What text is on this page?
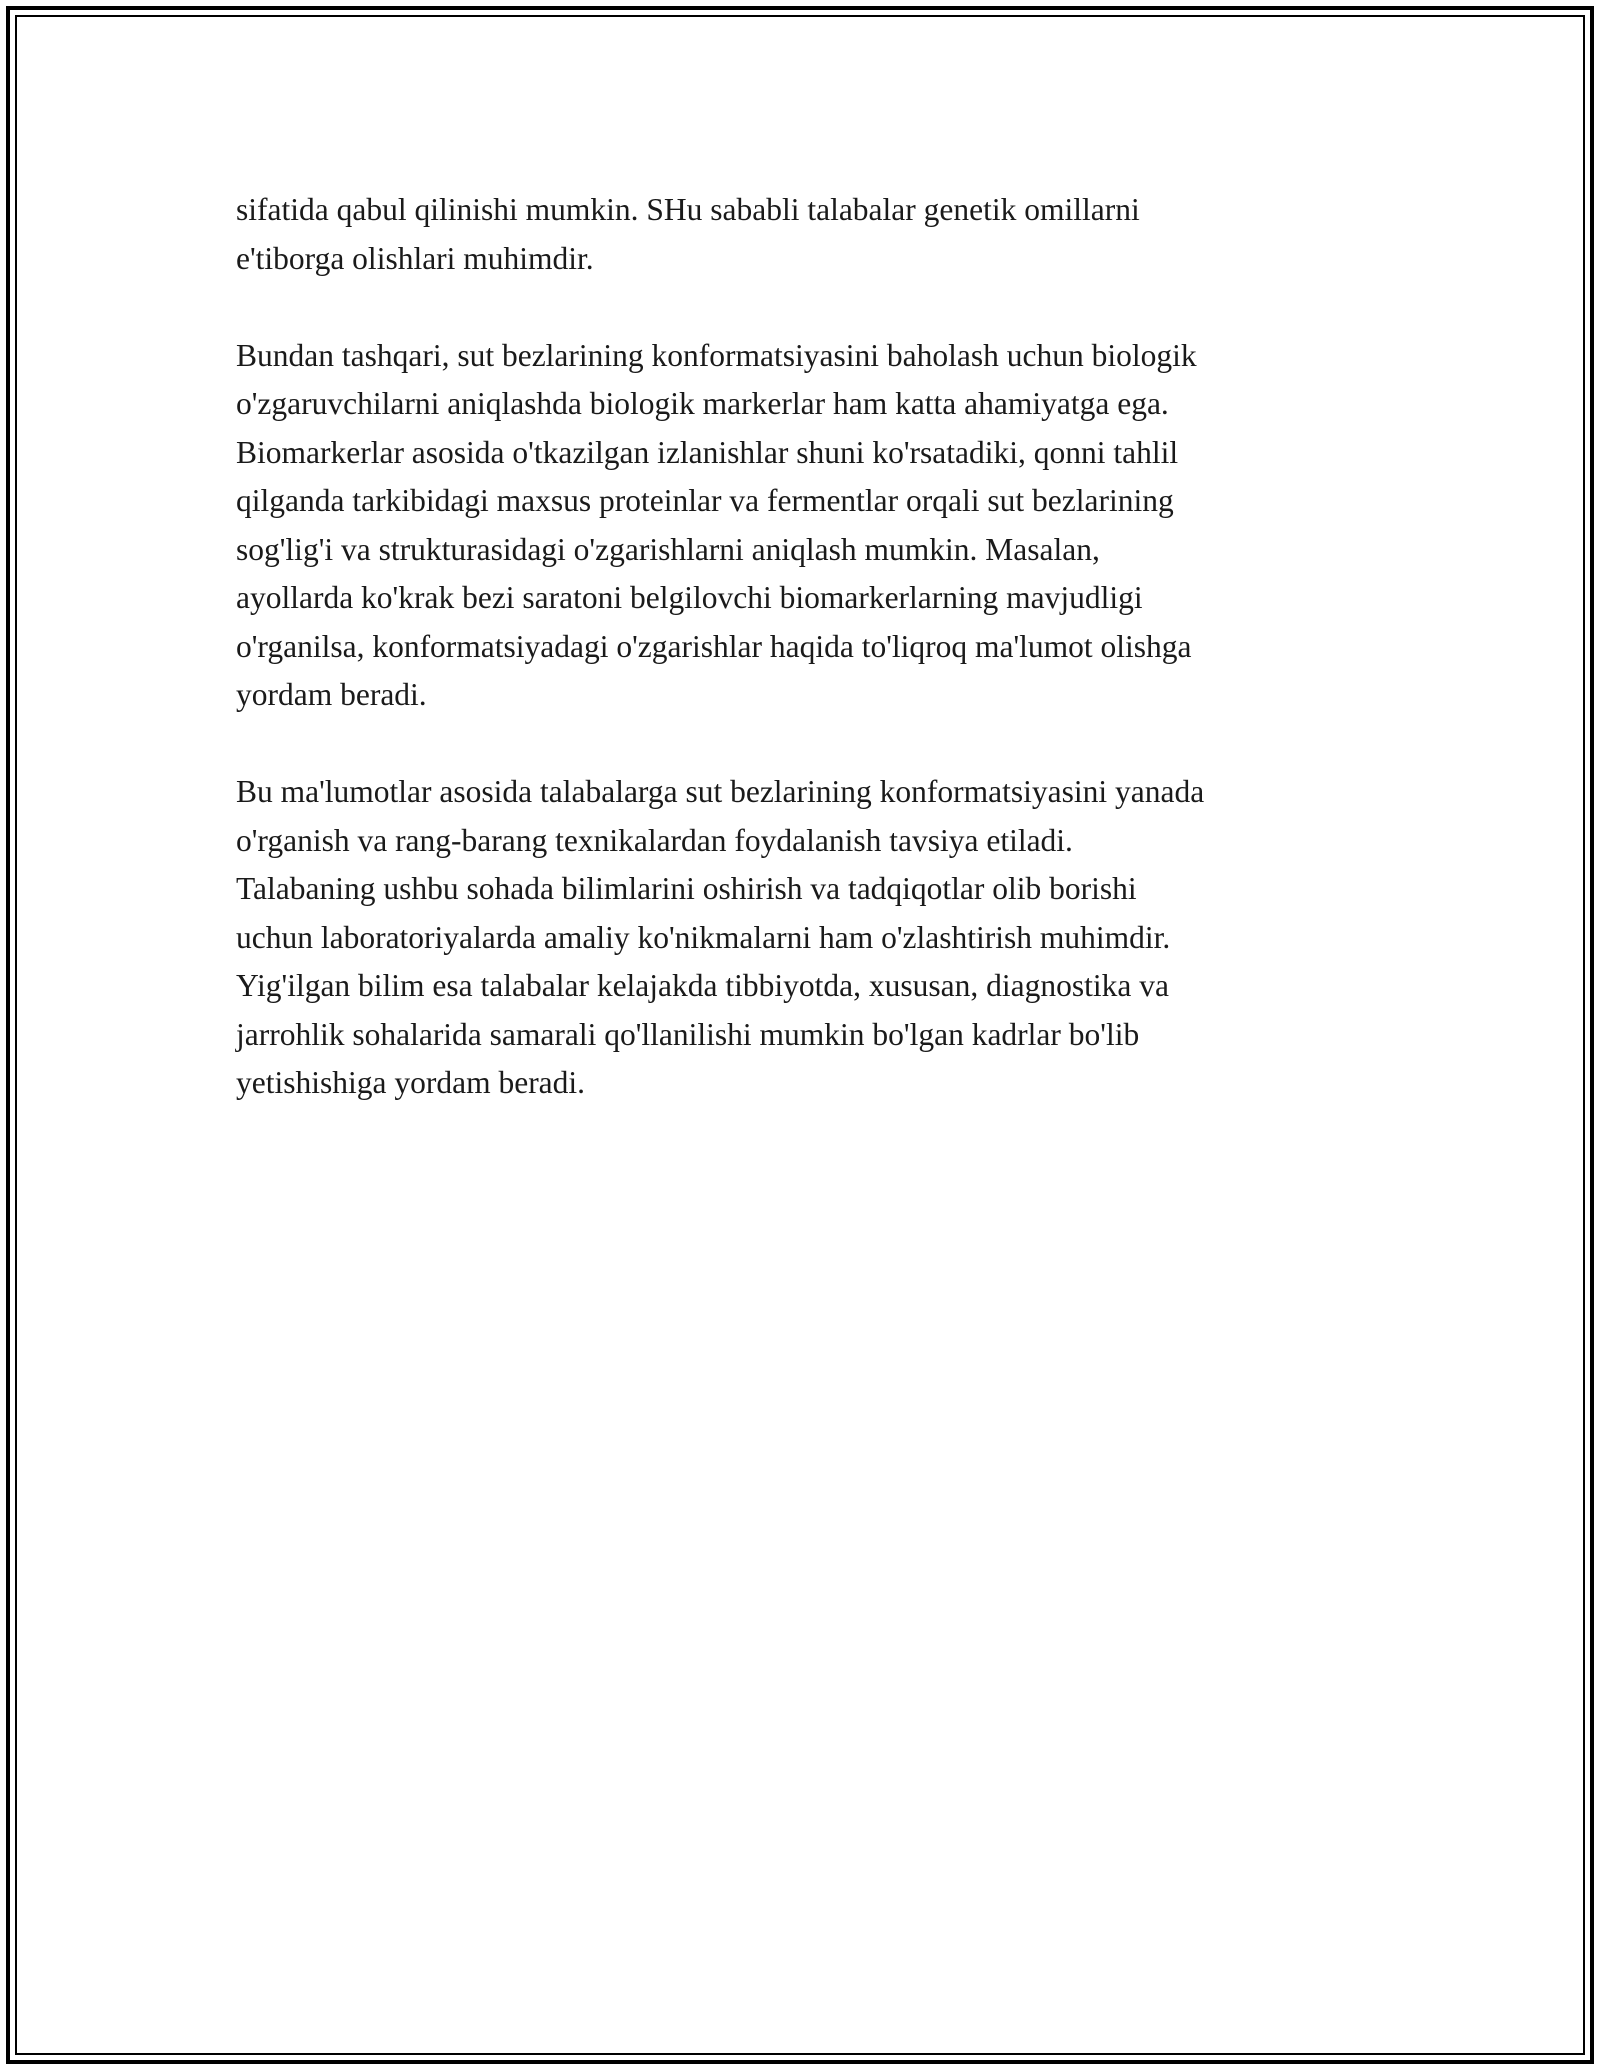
sifatida qabul qilinishi mumkin. SHu sababli talabalar genetik omillarni
e'tiborga olishlari muhimdir.

Bundan tashqari, sut bezlarining konformatsiyasini baholash uchun biologik
o'zgaruvchilarni aniqlashda biologik markerlar ham katta ahamiyatga ega.
Biomarkerlar asosida o'tkazilgan izlanishlar shuni ko'rsatadiki, qonni tahlil
qilganda tarkibidagi maxsus proteinlar va fermentlar orqali sut bezlarining
sog'lig'i va strukturasidagi o'zgarishlarni aniqlash mumkin. Masalan,
ayollarda ko'krak bezi saratoni belgilovchi biomarkerlarning mavjudligi
o'rganilsa, konformatsiyadagi o'zgarishlar haqida to'liqroq ma'lumot olishga
yordam beradi.

Bu ma'lumotlar asosida talabalarga sut bezlarining konformatsiyasini yanada
o'rganish va rang-barang texnikalardan foydalanish tavsiya etiladi.
Talabaning ushbu sohada bilimlarini oshirish va tadqiqotlar olib borishi
uchun laboratoriyalarda amaliy ko'nikmalarni ham o'zlashtirish muhimdir.
Yig'ilgan bilim esa talabalar kelajakda tibbiyotda, xususan, diagnostika va
jarrohlik sohalarida samarali qo'llanilishi mumkin bo'lgan kadrlar bo'lib
yetishishiga yordam beradi.
